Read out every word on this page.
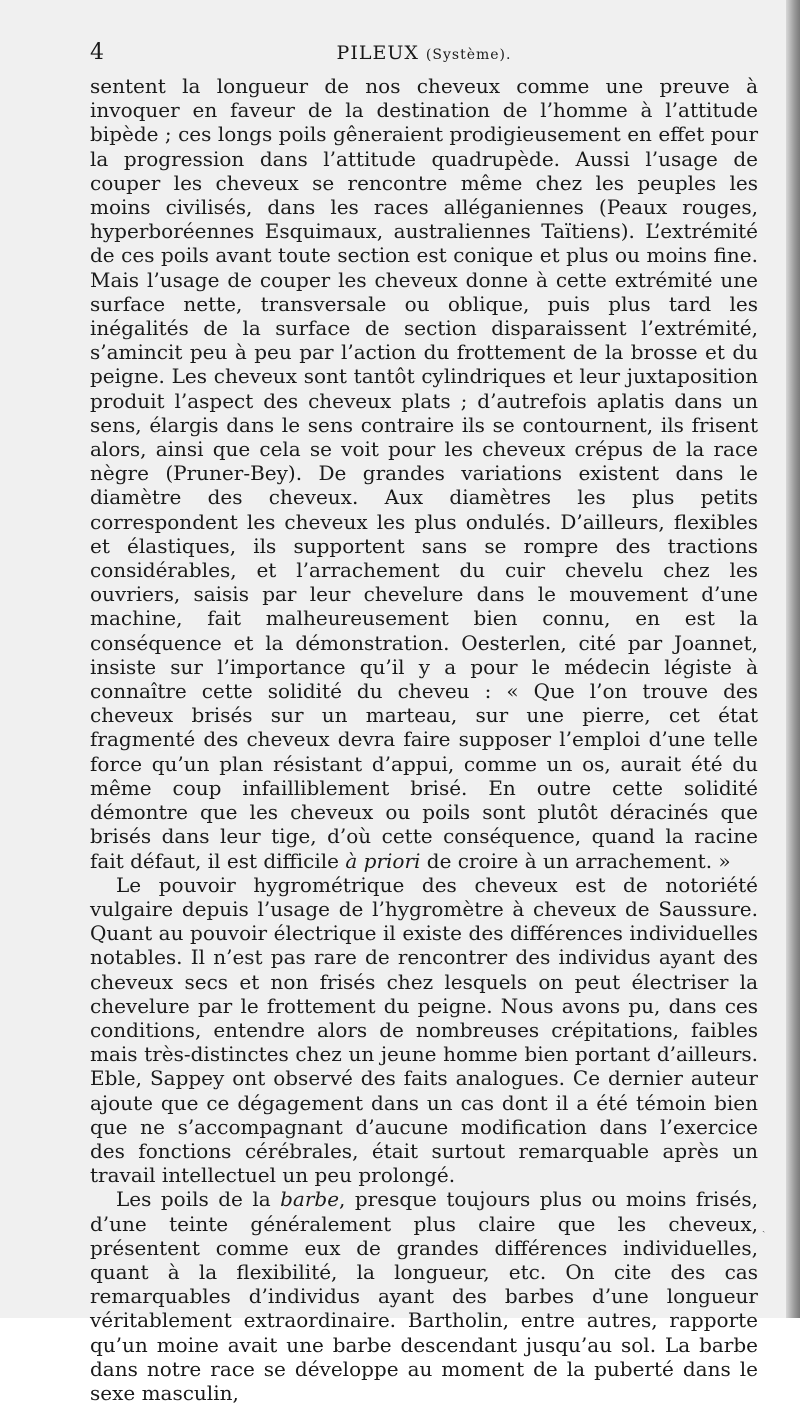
4	PILEUX (Système).

sentent la longueur de nos cheveux comme une preuve à invoquer en faveur de la destination de l’homme à l’attitude bipède ; ces longs poils gêneraient prodigieusement en effet pour la progression dans l’attitude quadrupède. Aussi l’usage de couper les cheveux se rencontre même chez les peuples les moins civilisés, dans les races alléganiennes (Peaux rouges, hyperboréennes Esquimaux, australiennes Taïtiens). L’extrémité de ces poils avant toute section est conique et plus ou moins fine. Mais l’usage de couper les cheveux donne à cette extrémité une surface nette, transversale ou oblique, puis plus tard les inégalités de la surface de section disparaissent l’extrémité, s’amincit peu à peu par l’action du frottement de la brosse et du peigne. Les cheveux sont tantôt cylindriques et leur juxtaposition produit l’aspect des cheveux plats ; d’autrefois aplatis dans un sens, élargis dans le sens contraire ils se contournent, ils frisent alors, ainsi que cela se voit pour les cheveux crépus de la race nègre (Pruner-Bey). De grandes variations existent dans le diamètre des cheveux. Aux diamètres les plus petits correspondent les cheveux les plus ondulés. D’ailleurs, flexibles et élastiques, ils supportent sans se rompre des tractions considérables, et l’arrachement du cuir chevelu chez les ouvriers, saisis par leur chevelure dans le mouvement d’une machine, fait malheureusement bien connu, en est la conséquence et la démonstration. Oesterlen, cité par Joannet, insiste sur l’importance qu’il y a pour le médecin légiste à connaître cette solidité du cheveu : « Que l’on trouve des cheveux brisés sur un marteau, sur une pierre, cet état fragmenté des cheveux devra faire supposer l’emploi d’une telle force qu’un plan résistant d’appui, comme un os, aurait été du même coup infailliblement brisé. En outre cette solidité démontre que les cheveux ou poils sont plutôt déracinés que brisés dans leur tige, d’où cette conséquence, quand la racine fait défaut, il est difficile à priori de croire à un arrachement. »

Le pouvoir hygrométrique des cheveux est de notoriété vulgaire depuis l’usage de l’hygromètre à cheveux de Saussure. Quant au pouvoir électrique il existe des différences individuelles notables. Il n’est pas rare de rencontrer des individus ayant des cheveux secs et non frisés chez lesquels on peut électriser la chevelure par le frottement du peigne. Nous avons pu, dans ces conditions, entendre alors de nombreuses crépitations, faibles mais très-distinctes chez un jeune homme bien portant d’ailleurs. Eble, Sappey ont observé des faits analogues. Ce dernier auteur ajoute que ce dégagement dans un cas dont il a été témoin bien que ne s’accompagnant d’aucune modification dans l’exercice des fonctions cérébrales, était surtout remarquable après un travail intellectuel un peu prolongé.

Les poils de la barbe, presque toujours plus ou moins frisés, d’une teinte généralement plus claire que les cheveux, présentent comme eux de grandes différences individuelles, quant à la flexibilité, la longueur, etc. On cite des cas remarquables d’individus ayant des barbes d’une longueur véritablement extraordinaire. Bartholin, entre autres, rapporte qu’un moine avait une barbe descendant jusqu’au sol. La barbe dans notre race se développe au moment de la puberté dans le sexe masculin,

ˏ
